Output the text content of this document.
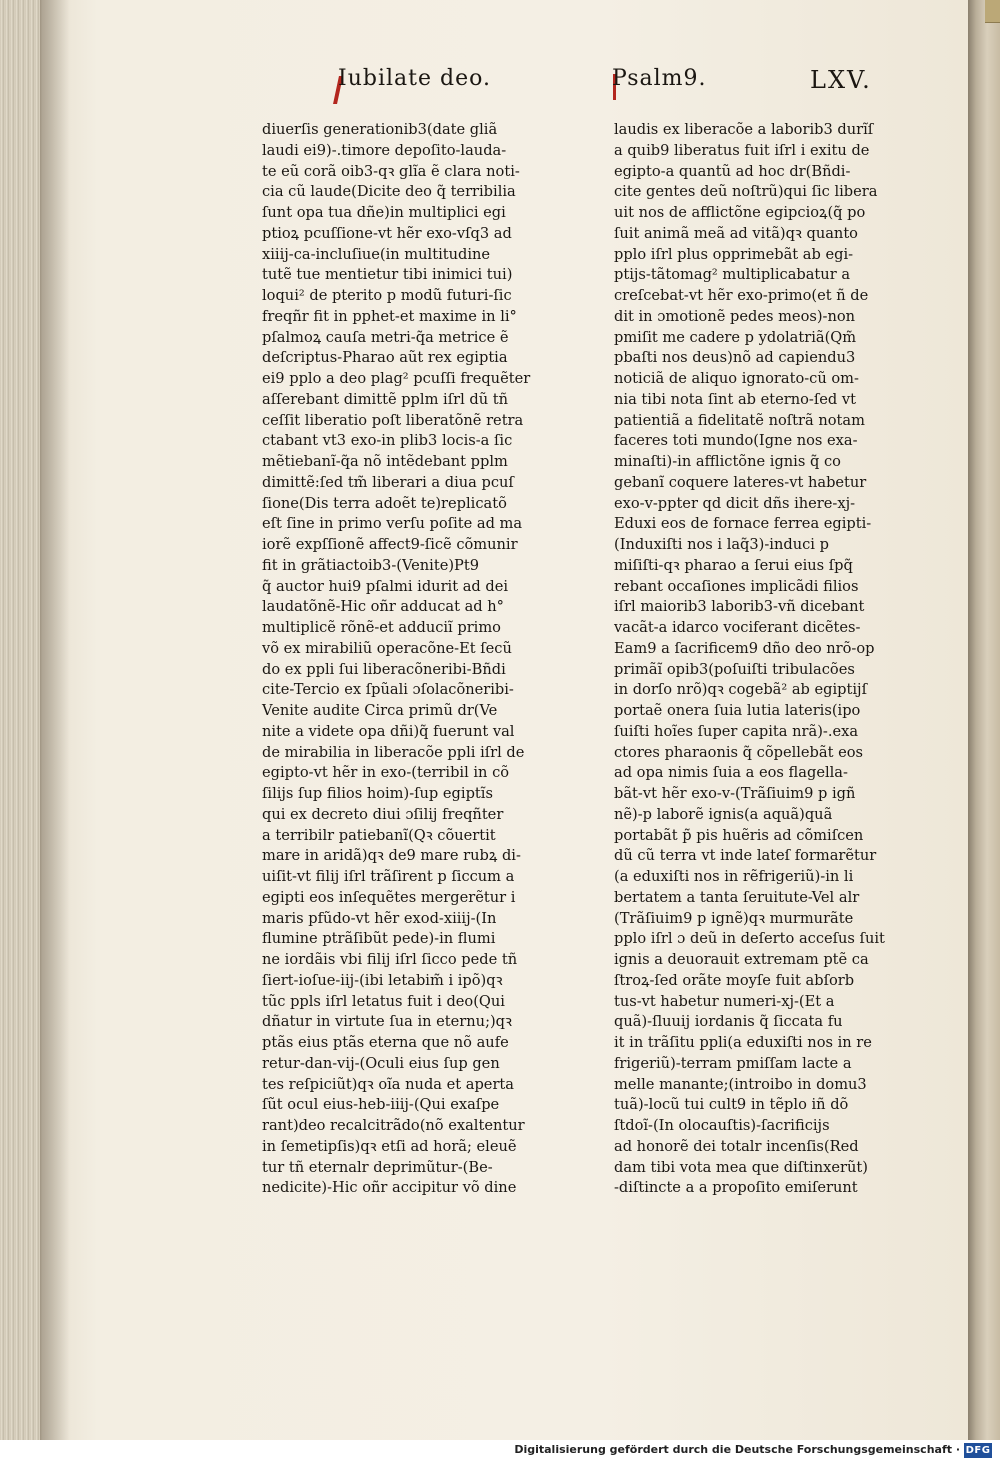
Iubilate deo.	Psalm9.	LXV.
diuerſis generationib3(date gliã
laudi ei9)-.timore depoſito-lauda-
te eũ corã oib3-qꝛ glĩa ẽ clara noti-
cia cũ laude(Dicite deo q̃ terribilia
ſunt opa tua dñe)in multiplici egi
ptioꝝ pcuſſione-vt hẽr exo-vſq3 ad
xiiij-ca-incluſiue(in multitudine
tutẽ tue mentietur tibi inimici tui)
loqui² de pterito p modũ futuri-ſic
freqñr fit in pphet-et maxime in li°
pſalmoꝝ cauſa metri-q̃a metrice ẽ
deſcriptus-Pharao aũt rex egiptia
ei9 pplo a deo plag² pcuſſi frequẽter
aſſerebant dimittẽ pplm iſrl dũ tñ
ceſſit liberatio poſt liberatõnẽ retra
ctabant vt3 exo-in plib3 locis-a ſic
mẽtiebanĩ-q̃a nõ intẽdebant pplm
dimittẽ:ſed tm̃ liberari a diua pcuſ
ſione(Dis terra adoẽt te)replicatõ
eſt ſine in primo verſu poſite ad ma
iorẽ expſſionẽ affect9-ſicẽ cõmunir
fit in grãtiactoib3-(Venite)Pt9
q̃ auctor hui9 pſalmi idurit ad dei
laudatõnẽ-Hic oñr adducat ad h°
multiplicẽ rõnẽ-et adduciĩ primo
võ ex mirabiliũ operacõne-Et ſecũ
do ex ppli ſui liberacõneribi-Bñdi
cite-Tercio ex ſpũali ɔſolacõneribi-
Venite audite Circa primũ dr(Ve
nite a videte opa dñi)q̃ fuerunt val
de mirabilia in liberacõe ppli iſrl de
egipto-vt hẽr in exo-(terribil in cõ
ſilijs ſup filios hoim)-ſup egiptĩs
qui ex decreto diui ɔſilij freqñter
a terribilr patiebanĩ(Qꝛ cõuertit
mare in aridã)qꝛ de9 mare rubꝝ di-
uiſit-vt filij iſrl trãſirent p ſiccum a
egipti eos inſequẽtes mergerẽtur i
maris pfũdo-vt hẽr exod-xiiij-(In
flumine ptrãſibũt pede)-in flumi
ne iordãis vbi filij iſrl ſicco pede tñ
ſiert-ioſue-iij-(ibi letabim̃ i ipõ)qꝛ
tũc ppls iſrl letatus fuit i deo(Qui
dñatur in virtute ſua in eternu;)qꝛ
ptãs eius ptãs eterna que nõ aufe
retur-dan-vij-(Oculi eius ſup gen
tes reſpiciũt)qꝛ oĩa nuda et aperta
ſũt ocul eius-heb-iiij-(Qui exaſpe
rant)deo recalcitrãdo(nõ exaltentur
in ſemetipſis)qꝛ etſi ad horã; eleuẽ
tur tñ eternalr deprimũtur-(Be-
nedicite)-Hic oñr accipitur võ dine
laudis ex liberacõe a laborib3 durĩſ
a quib9 liberatus fuit iſrl i exitu de
egipto-a quantũ ad hoc dr(Bñdi-
cite gentes deũ noſtrũ)qui ſic libera
uit nos de afflictõne egipcioꝝ(q̃ po
ſuit animã meã ad vitã)qꝛ quanto
pplo iſrl plus opprimebãt ab egi-
ptijs-tãtomag² multiplicabatur a
creſcebat-vt hẽr exo-primo(et ñ de
dit in ɔmotionẽ pedes meos)-non
pmiſit me cadere p ydolatriã(Qm̃
pbaſti nos deus)nõ ad capiendu3
noticiã de aliquo ignorato-cũ om-
nia tibi nota ſint ab eterno-ſed vt
patientiã a fidelitatẽ noſtrã notam
faceres toti mundo(Igne nos exa-
minaſti)-in afflictõne ignis q̃ co
gebanĩ coquere lateres-vt habetur
exo-v-ppter qd dicit dñs ihere-xj-
Eduxi eos de fornace ferrea egipti-
(Induxiſti nos i laq̃3)-induci p
miſiſti-qꝛ pharao a ſerui eius ſpq̃
rebant occaſiones implicãdi filios
iſrl maiorib3 laborib3-vñ dicebant
vacãt-a idarco vociferant dicẽtes-
Eam9 a ſacrificem9 dño deo nrõ-op
primãĩ opib3(poſuiſti tribulacões
in dorſo nrõ)qꝛ cogebã² ab egiptijſ
portaẽ onera ſuia lutia lateris(ipo
ſuiſti hoĩes ſuper capita nrã)-.exa
ctores pharaonis q̃ cõpellebãt eos
ad opa nimis ſuia a eos flagella-
bãt-vt hẽr exo-v-(Trãſiuim9 p igñ
nẽ)-p laborẽ ignis(a aquã)quã
portabãt p̃ pis huẽris ad cõmiſcen
dũ cũ terra vt inde lateſ formarẽtur
(a eduxiſti nos in rẽfrigeriũ)-in li
bertatem a tanta ſeruitute-Vel alr
(Trãſiuim9 p ignẽ)qꝛ murmurãte
pplo iſrl ɔ deũ in deſerto acceſus ſuit
ignis a deuorauit extremam ptẽ ca
ſtroꝝ-ſed orãte moyſe fuit abſorb
tus-vt habetur numeri-xj-(Et a
quã)-ſluuij iordanis q̃ ſiccata fu
it in trãſitu ppli(a eduxiſti nos in re
frigeriũ)-terram pmiſſam lacte a
melle manante;(introibo in domu3
tuã)-locũ tui cult9 in tẽplo iñ dõ
ſtdoĩ-(In olocauſtis)-ſacrificijs
ad honorẽ dei totalr incenſis(Red
dam tibi vota mea que diſtinxerũt)
-diſtincte a a propoſito emiſerunt
Digitalisierung gefördert durch die Deutsche Forschungsgemeinschaft · DFG
